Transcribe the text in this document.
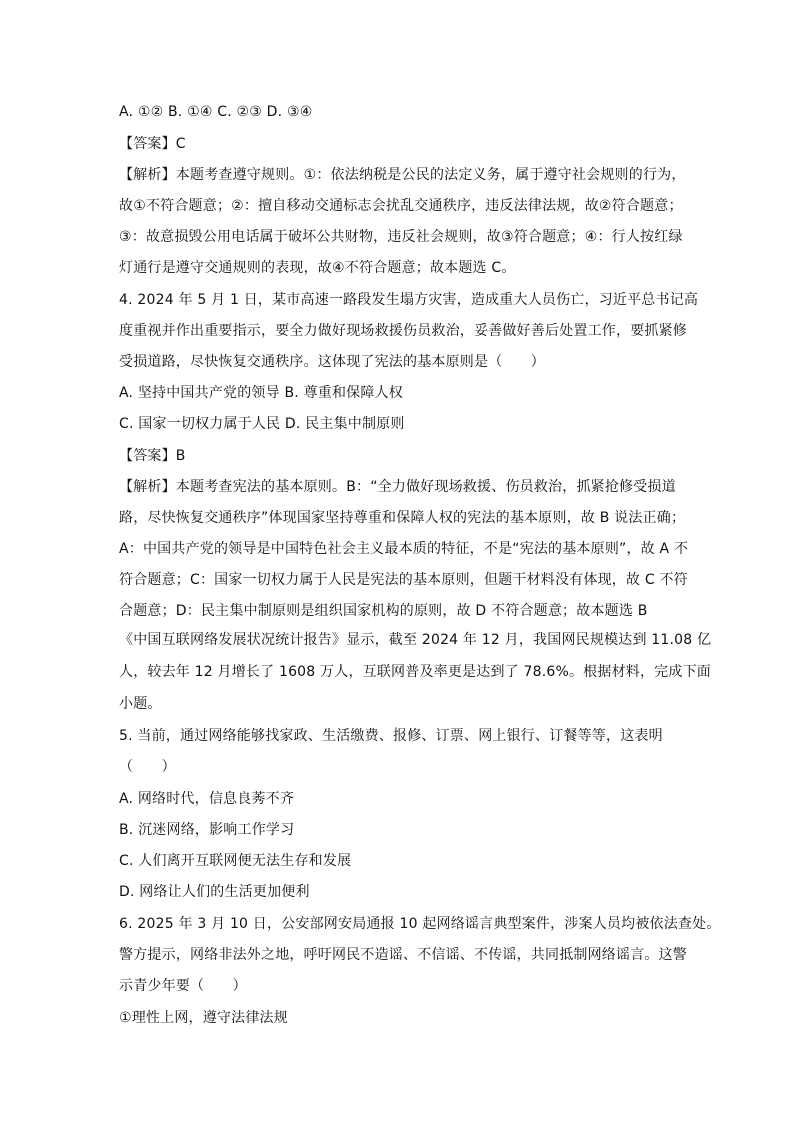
A. ①② B. ①④ C. ②③ D. ③④
【答案】C
【解析】本题考查遵守规则。①：依法纳税是公民的法定义务，属于遵守社会规则的行为，
故①不符合题意；②：擅自移动交通标志会扰乱交通秩序，违反法律法规，故②符合题意；
③：故意损毁公用电话属于破坏公共财物，违反社会规则，故③符合题意；④：行人按红绿
灯通行是遵守交通规则的表现，故④不符合题意；故本题选 C。
4. 2024 年 5 月 1 日，某市高速一路段发生塌方灾害，造成重大人员伤亡，习近平总书记高
度重视并作出重要指示，要全力做好现场救援伤员救治，妥善做好善后处置工作，要抓紧修
受损道路，尽快恢复交通秩序。这体现了宪法的基本原则是（　　）
A. 坚持中国共产党的领导 B. 尊重和保障人权
C. 国家一切权力属于人民 D. 民主集中制原则
【答案】B
【解析】本题考查宪法的基本原则。B：“全力做好现场救援、伤员救治，抓紧抢修受损道
路，尽快恢复交通秩序”体现国家坚持尊重和保障人权的宪法的基本原则，故 B 说法正确；
A：中国共产党的领导是中国特色社会主义最本质的特征，不是“宪法的基本原则”，故 A 不
符合题意；C：国家一切权力属于人民是宪法的基本原则，但题干材料没有体现，故 C 不符
合题意；D：民主集中制原则是组织国家机构的原则，故 D 不符合题意；故本题选 B
《中国互联网络发展状况统计报告》显示，截至 2024 年 12 月，我国网民规模达到 11.08 亿
人，较去年 12 月增长了 1608 万人，互联网普及率更是达到了 78.6%。根据材料，完成下面
小题。
5. 当前，通过网络能够找家政、生活缴费、报修、订票、网上银行、订餐等等，这表明
（　　）
A. 网络时代，信息良莠不齐
B. 沉迷网络，影响工作学习
C. 人们离开互联网便无法生存和发展
D. 网络让人们的生活更加便利
6. 2025 年 3 月 10 日，公安部网安局通报 10 起网络谣言典型案件，涉案人员均被依法查处。
警方提示，网络非法外之地，呼吁网民不造谣、不信谣、不传谣，共同抵制网络谣言。这警
示青少年要（　　）
①理性上网，遵守法律法规
